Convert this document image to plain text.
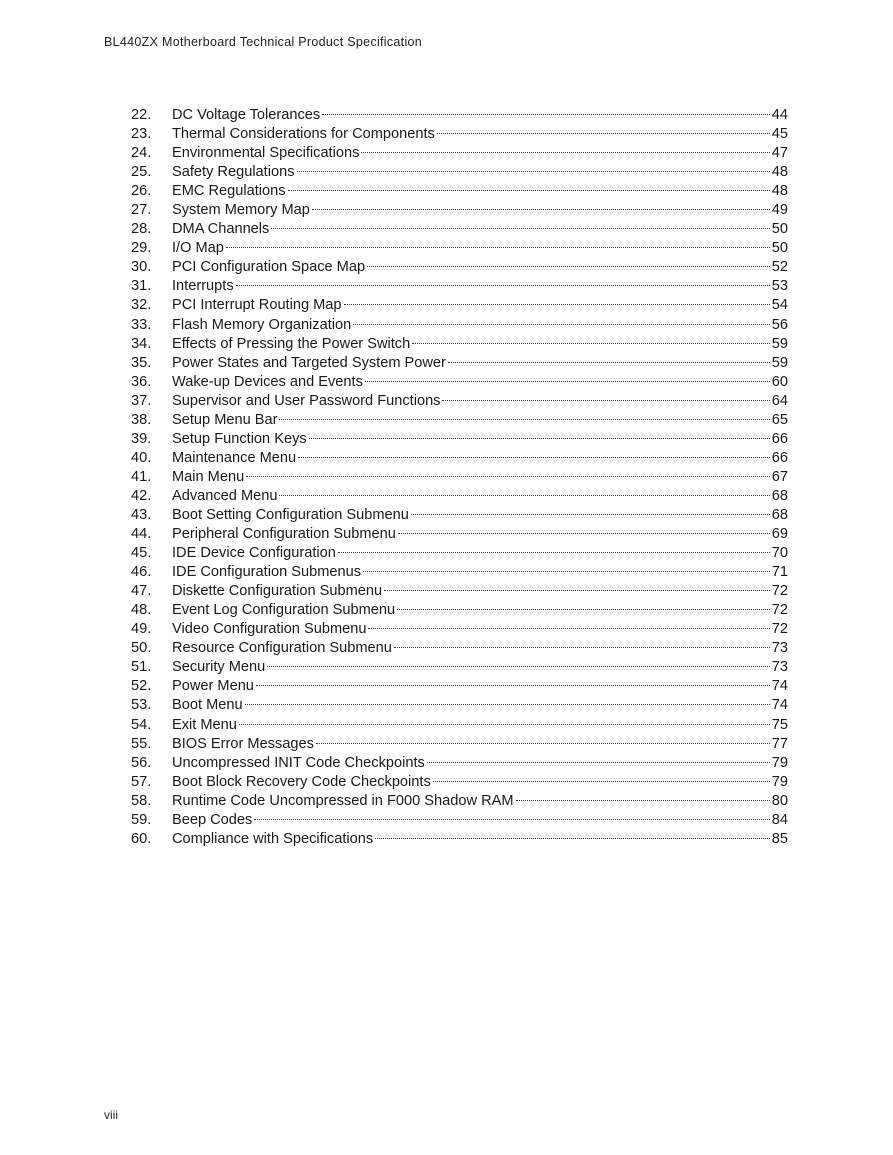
BL440ZX Motherboard Technical Product Specification
22.	DC Voltage Tolerances	44
23.	Thermal Considerations for Components	45
24.	Environmental Specifications	47
25.	Safety Regulations	48
26.	EMC Regulations	48
27.	System Memory Map	49
28.	DMA Channels	50
29.	I/O Map	50
30.	PCI Configuration Space Map	52
31.	Interrupts	53
32.	PCI Interrupt Routing Map	54
33.	Flash Memory Organization	56
34.	Effects of Pressing the Power Switch	59
35.	Power States and Targeted System Power	59
36.	Wake-up Devices and Events	60
37.	Supervisor and User Password Functions	64
38.	Setup Menu Bar	65
39.	Setup Function Keys	66
40.	Maintenance Menu	66
41.	Main Menu	67
42.	Advanced Menu	68
43.	Boot Setting Configuration Submenu	68
44.	Peripheral Configuration Submenu	69
45.	IDE Device Configuration	70
46.	IDE Configuration Submenus	71
47.	Diskette Configuration Submenu	72
48.	Event Log Configuration Submenu	72
49.	Video Configuration Submenu	72
50.	Resource Configuration Submenu	73
51.	Security Menu	73
52.	Power Menu	74
53.	Boot Menu	74
54.	Exit Menu	75
55.	BIOS Error Messages	77
56.	Uncompressed INIT Code Checkpoints	79
57.	Boot Block Recovery Code Checkpoints	79
58.	Runtime Code Uncompressed in F000 Shadow RAM	80
59.	Beep Codes	84
60.	Compliance with Specifications	85
viii
